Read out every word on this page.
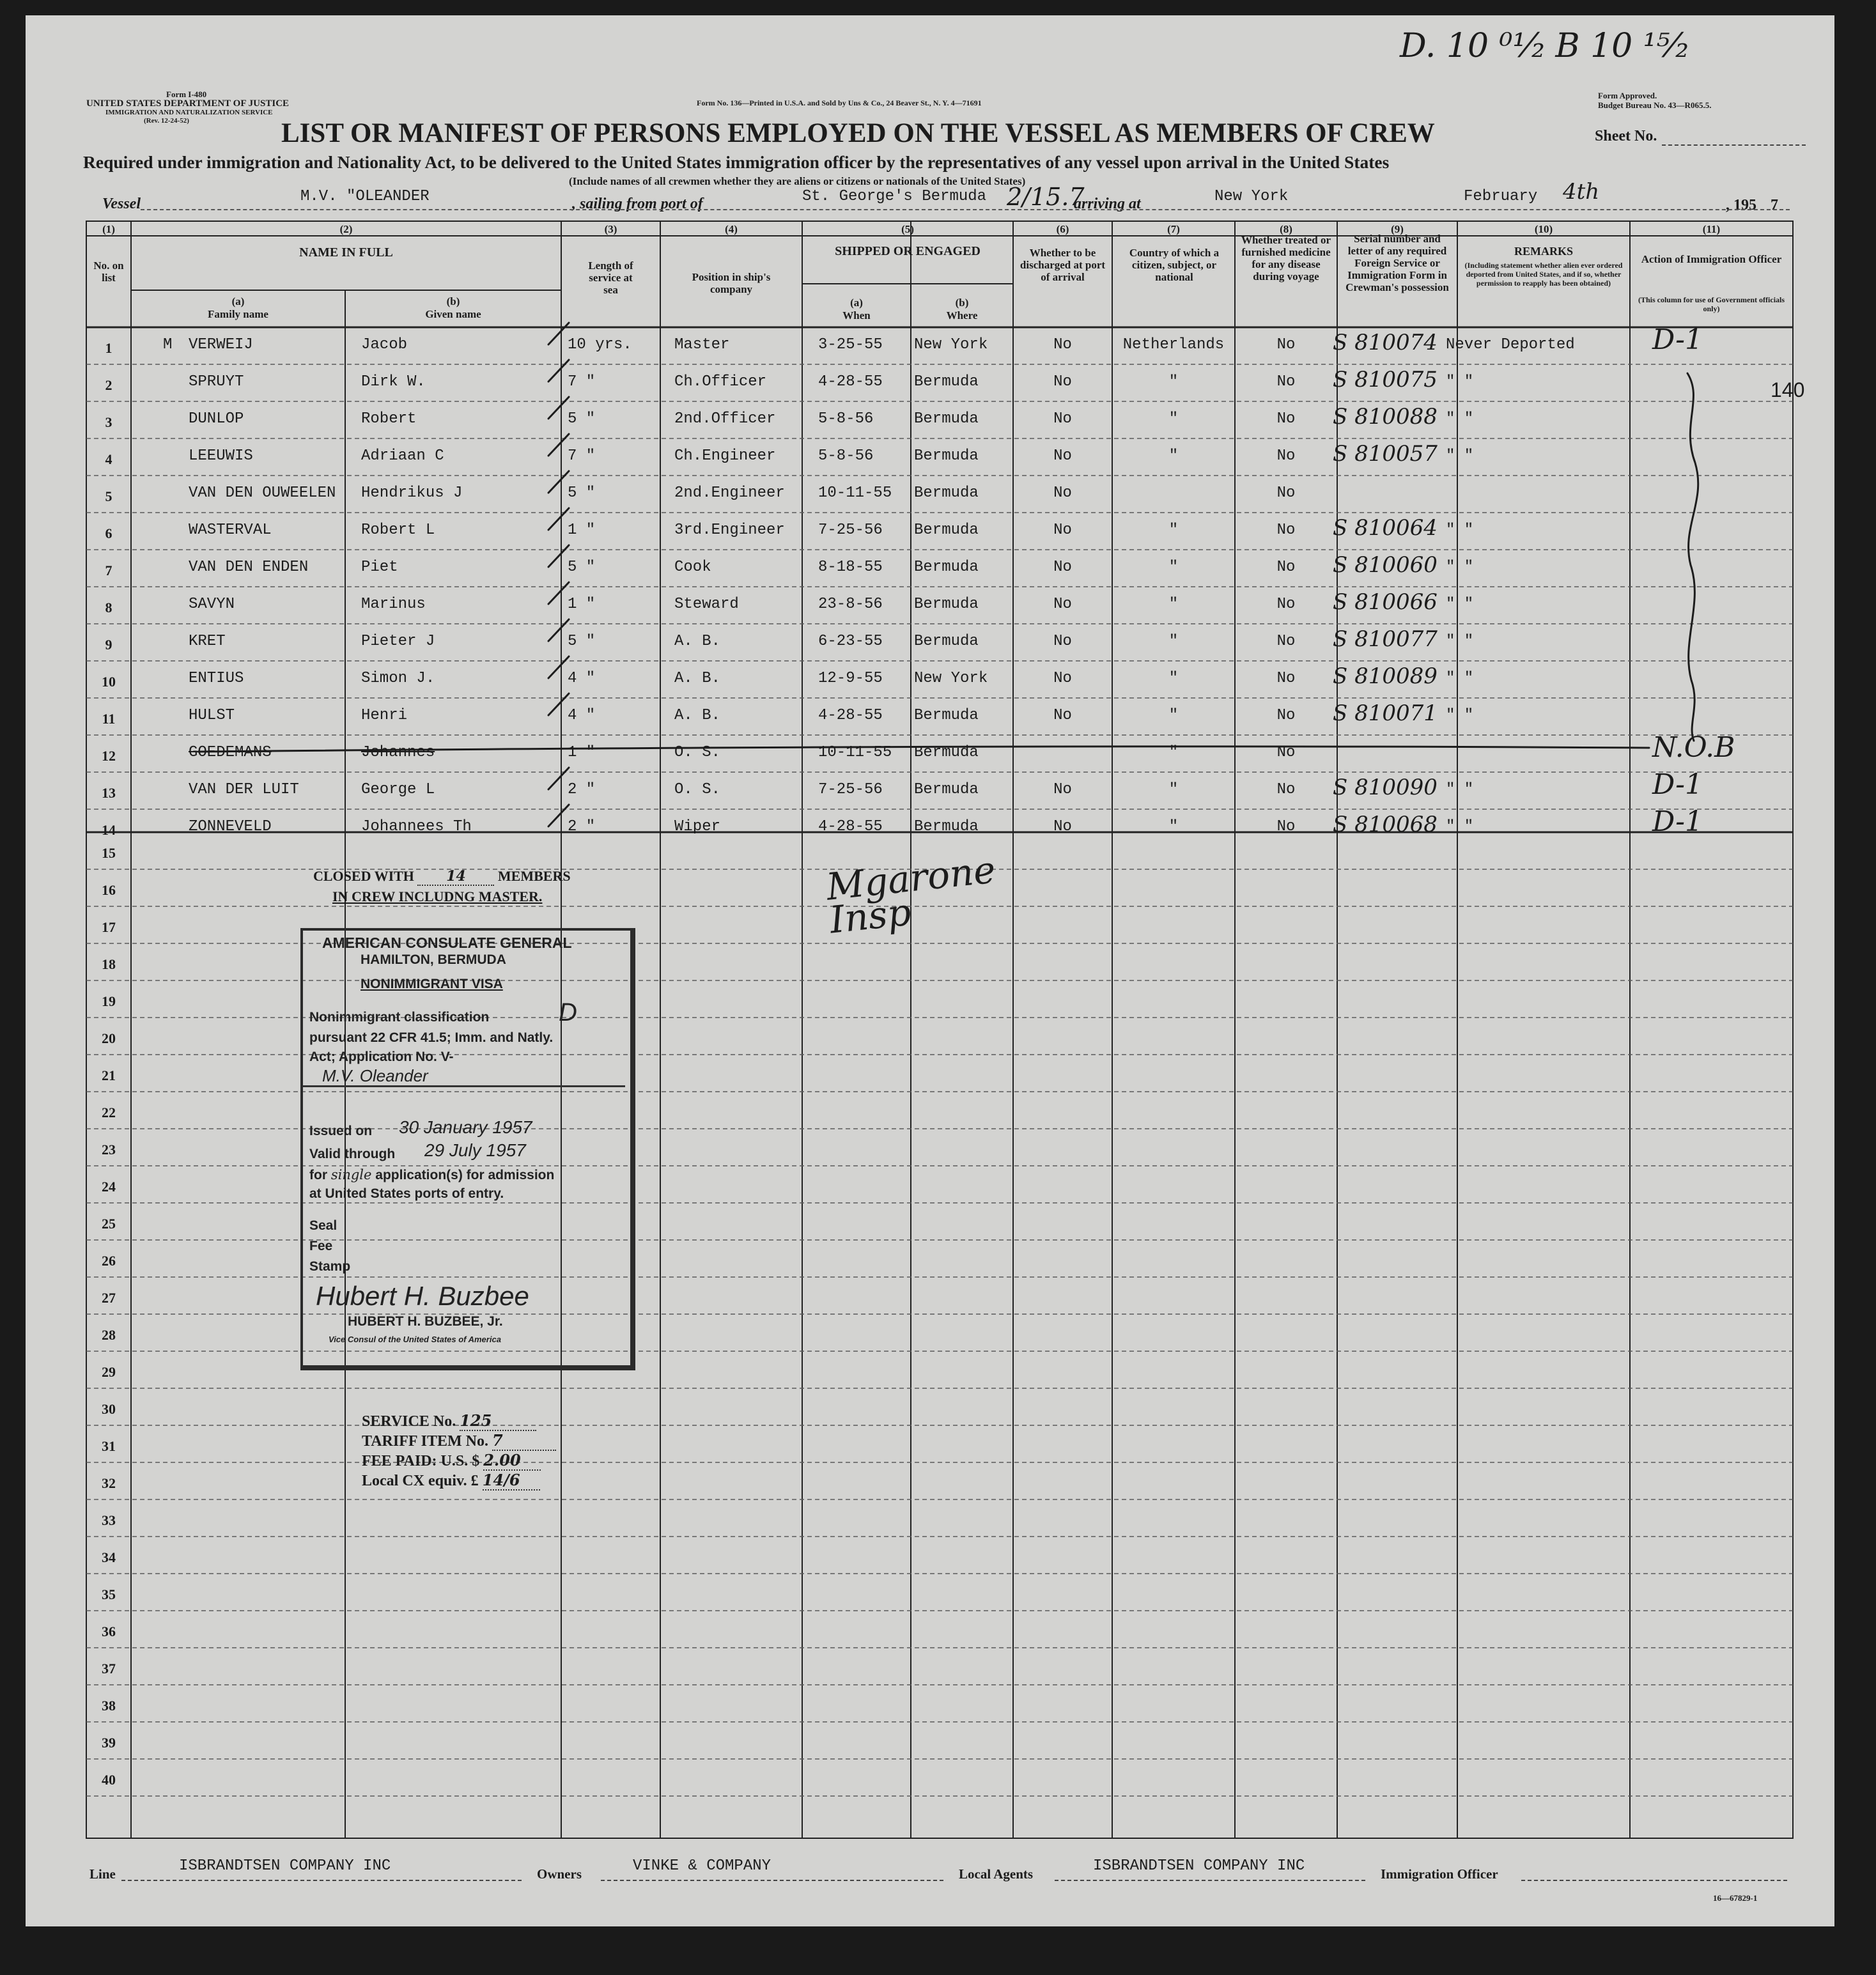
D. 10 ⁰¹⁄₂ B 10 ¹⁵⁄₂
Form I-480
UNITED STATES DEPARTMENT OF JUSTICE
IMMIGRATION AND NATURALIZATION SERVICE
(Rev. 12-24-52)
Form No. 136—Printed in U.S.A. and Sold by Uns & Co., 24 Beaver St., N. Y. 4—71691
Form Approved.
Budget Bureau No. 43—R065.5.
LIST OR MANIFEST OF PERSONS EMPLOYED ON THE VESSEL AS MEMBERS OF CREW	Sheet No.
Required under immigration and Nationality Act, to be delivered to the United States immigration officer by the representatives of any vessel upon arrival in the United States
(Include names of all crewmen whether they are aliens or citizens or nationals of the United States)
Vessel	M.V. "OLEANDER	, sailing from port of	St. George's Bermuda 2/15.7
arriving at	New York	February 4th
, 195 7
(1)	(2)	(3)	(4)	(5)	(6)	(7)	(8)	(9)	(10)	(11)
No. on list
NAME IN FULL
(a)
Family name
(b)
Given name
Length of service at sea
Position in ship's company
SHIPPED OR ENGAGED
(a)
When
(b)
Where
Whether to be discharged at port of arrival
Country of which a citizen, subject, or national
Whether treated or furnished medicine for any disease during voyage
Serial number and letter of any required Foreign Service or Immigration Form in Crewman's possession
REMARKS
(Including statement whether alien ever ordered deported from United States, and if so, whether permission to reapply has been obtained)
Action of Immigration Officer
(This column for use of Government officials only)
1	M VERWEIJ	Jacob	10 yrs.	Master	3-25-55 New York	No	Netherlands	No	S 810074 Never Deported	D-1
2	SPRUYT	Dirk W.	7 "	Ch.Officer	4-28-55 Bermuda	No	"	No	S 810075 " "
3	DUNLOP	Robert	5 "	2nd.Officer	5-8-56	Bermuda	No	"	No	S 810088 " "
4	LEEUWIS	Adriaan C	7 "	Ch.Engineer	5-8-56	Bermuda	No	"	No	S 810057 " "
5	VAN DEN OUWEELEN Hendrikus J	5 "	2nd.Engineer 10-11-55 Bermuda	No	No
6	WASTERVAL	Robert L	1 "	3rd.Engineer 7-25-56 Bermuda	No	"	No	S 810064 " "
7	VAN DEN ENDEN	Piet	5 "	Cook	8-18-55 Bermuda	No	"	No	S 810060 " "
8	SAVYN	Marinus	1 "	Steward	23-8-56 Bermuda	No	"	No	S 810066 " "
9	KRET	Pieter J	5 "	A. B.	6-23-55 Bermuda	No	"	No	S 810077 " "
10	ENTIUS	Simon J.	4 "	A. B.	12-9-55 New York	No	"	No	S 810089 " "
11	HULST	Henri	4 "	A. B.	4-28-55 Bermuda	No	"	No	S 810071 " "
12	GOEDEMANS	Johannes	1 "	O. S.	10-11-55 Bermuda	"	No	N.O.B
13	VAN DER LUIT	George L	2 "	O. S.	7-25-56 Bermuda	No	"	No	S 810090 " "	D-1
14	ZONNEVELD	Johannees Th	2 "	Wiper	4-28-55 Bermuda	No	"	No	S 810068 " "	D-1
15
16
17
18
19
20
21
22
23
24
25
26
27
28
29
30
31
32
33
34
35
36
37
38
39
40
140
CLOSED WITH 14 MEMBERS
IN CREW INCLUDNG MASTER.	Mgarone
Insp
AMERICAN CONSULATE GENERAL
HAMILTON, BERMUDA
NONIMMIGRANT VISA
Nonimmigrant classification	D
pursuant 22 CFR 41.5; Imm. and Natly.
Act; Application No. V-
M.V. Oleander
Issued on 30 January 1957
Valid through 29 July 1957
for single application(s) for admission
at United States ports of entry.
Seal
Fee
Stamp
Hubert H. Buzbee
HUBERT H. BUZBEE, Jr.
Vice Consul of the United States of America
SERVICE No. 125
TARIFF ITEM No. 7
FEE PAID: U.S. $ 2.00
Local CX equiv. £ 14/6
Line	ISBRANDTSEN COMPANY INC	Owners	VINKE & COMPANY	Local Agents	ISBRANDTSEN COMPANY INC	Immigration Officer
16—67829-1
